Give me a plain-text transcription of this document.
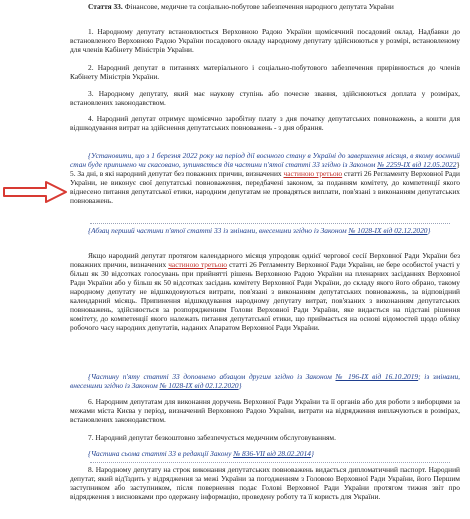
Стаття 33. Фінансове, медичне та соціально-побутове забезпечення народного депутата України

1. Народному депутату встановлюється Верховною Радою України щомісячний посадовий оклад. Надбавки до встановленого Верховною Радою України посадового окладу народному депутату здійснюються у розмірі, встановленому для членів Кабінету Міністрів України.

2. Народний депутат в питаннях матеріального і соціально-побутового забезпечення прирівнюється до членів Кабінету Міністрів України.

3. Народному депутату, який має наукову ступінь або почесне звання, здійснюються доплата у розмірах, встановлених законодавством.

4. Народний депутат отримує щомісячно заробітну плату з дня початку депутатських повноважень, а кошти для відшкодування витрат на здійснення депутатських повноважень - з дня обрання.

{Установити, що з 1 березня 2022 року на період дії воєнного стану в Україні до завершення місяця, в якому воєнний стан буде припинено чи скасовано, зупиняється дія частини п'ятої статті 33 згідно із Законом № 2259-IX від 12.05.2022} 5. За дні, в які народний депутат без поважних причин, визначених частиною третьою статті 26 Регламенту Верховної Ради України, не виконує свої депутатські повноваження, передбачені законом, за поданням комітету, до компетенції якого віднесено питання депутатської етики, народним депутатам не провадяться виплати, пов'язані з виконанням депутатських повноважень.

{Абзац перший частини п'ятої статті 33 із змінами, внесеними згідно із Законом № 1028-IX від 02.12.2020}

Якщо народний депутат протягом календарного місяця упродовж однієї чергової сесії Верховної Ради України без поважних причин, визначених частиною третьою статті 26 Регламенту Верховної Ради України, не бере особистої участі у більш як 30 відсотках голосувань при прийнятті рішень Верховною Радою України на пленарних засіданнях Верховної Ради України або у більш як 50 відсотках засідань комітету Верховної Ради України, до складу якого його обрано, такому народному депутату не відшкодовуються витрати, пов'язані з виконанням депутатських повноважень, за відповідний календарний місяць. Припинення відшкодування народному депутату витрат, пов'язаних з виконанням депутатських повноважень, здійснюється за розпорядженням Голови Верховної Ради України, яке видається на підставі рішення комітету, до компетенції якого належать питання депутатської етики, що приймається на основі відомостей щодо обліку робочого часу народних депутатів, наданих Апаратом Верховної Ради України.

{Частину п'яту статті 33 доповнено абзацом другим згідно із Законом № 196-IX від 16.10.2019; із змінами, внесеними згідно із Законом № 1028-IX від 02.12.2020}

6. Народним депутатам для виконання доручень Верховної Ради України та її органів або для роботи з виборцями за межами міста Києва у період, визначений Верховною Радою України, витрати на відрядження виплачуються в розмірах, встановлених законодавством.

7. Народний депутат безкоштовно забезпечується медичним обслуговуванням.

{Частина сьома статті 33 в редакції Закону № 836-VII від 28.02.2014}

8. Народному депутату на строк виконання депутатських повноважень видається дипломатичний паспорт. Народний депутат, який від'їздить у відрядження за межі України за погодженням з Головою Верховної Ради України, його Першим заступником або заступником, після повернення подає Голові Верховної Ради України протягом тижня звіт про відрядження з висновками про одержану інформацію, проведену роботу та її користь для України.
